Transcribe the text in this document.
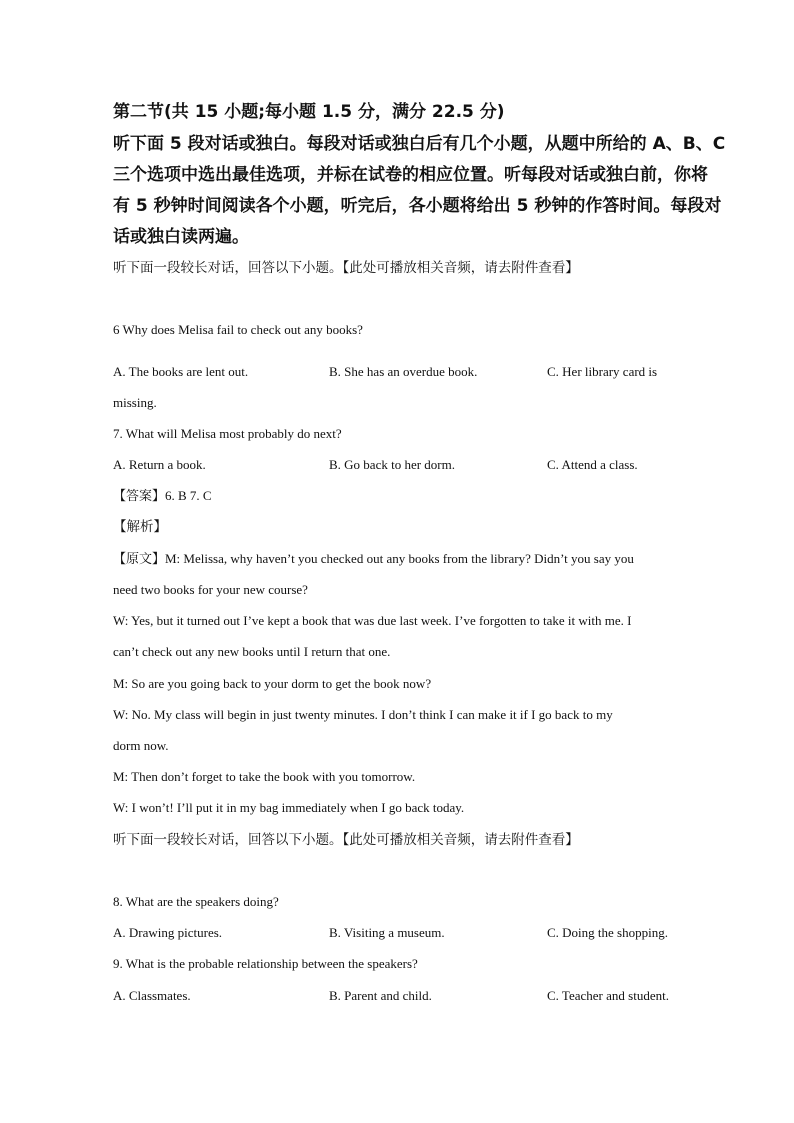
第二节(共 15 小题;每小题 1.5 分，满分 22.5 分)
听下面 5 段对话或独白。每段对话或独白后有几个小题，从题中所给的 A、B、C
三个选项中选出最佳选项，并标在试卷的相应位置。听每段对话或独白前，你将
有 5 秒钟时间阅读各个小题，听完后，各小题将给出 5 秒钟的作答时间。每段对
话或独白读两遍。
听下面一段较长对话，回答以下小题。【此处可播放相关音频，请去附件查看】
6 Why does Melisa fail to check out any books?
A. The books are lent out.	B. She has an overdue book.	C. Her library card is
missing.
7. What will Melisa most probably do next?
A. Return a book.	B. Go back to her dorm.	C. Attend a class.
【答案】6. B 7. C
【解析】
【原文】M: Melissa, why haven’t you checked out any books from the library? Didn’t you say you
need two books for your new course?
W: Yes, but it turned out I’ve kept a book that was due last week. I’ve forgotten to take it with me. I
can’t check out any new books until I return that one.
M: So are you going back to your dorm to get the book now?
W: No. My class will begin in just twenty minutes. I don’t think I can make it if I go back to my
dorm now.
M: Then don’t forget to take the book with you tomorrow.
W: I won’t! I’ll put it in my bag immediately when I go back today.
听下面一段较长对话，回答以下小题。【此处可播放相关音频，请去附件查看】
8. What are the speakers doing?
A. Drawing pictures.	B. Visiting a museum.	C. Doing the shopping.
9. What is the probable relationship between the speakers?
A. Classmates.	B. Parent and child.	C. Teacher and student.
